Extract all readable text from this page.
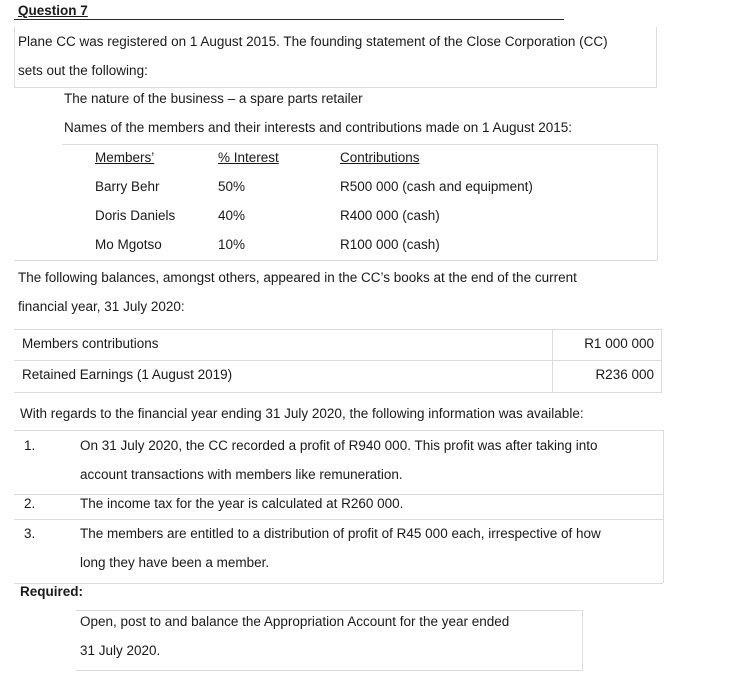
Question 7
Plane CC was registered on 1 August 2015. The founding statement of the Close Corporation (CC)
sets out the following:
The nature of the business – a spare parts retailer
Names of the members and their interests and contributions made on 1 August 2015:
Members’	% Interest	Contributions
Barry Behr	50%	R500 000 (cash and equipment)
Doris Daniels	40%	R400 000 (cash)
Mo Mgotso	10%	R100 000 (cash)
The following balances, amongst others, appeared in the CC’s books at the end of the current
financial year, 31 July 2020:
Members contributions	R1 000 000
Retained Earnings (1 August 2019)	R236 000
With regards to the financial year ending 31 July 2020, the following information was available:
1.	On 31 July 2020, the CC recorded a profit of R940 000. This profit was after taking into
account transactions with members like remuneration.
2.	The income tax for the year is calculated at R260 000.
3.	The members are entitled to a distribution of profit of R45 000 each, irrespective of how
long they have been a member.
Required:
Open, post to and balance the Appropriation Account for the year ended
31 July 2020.
